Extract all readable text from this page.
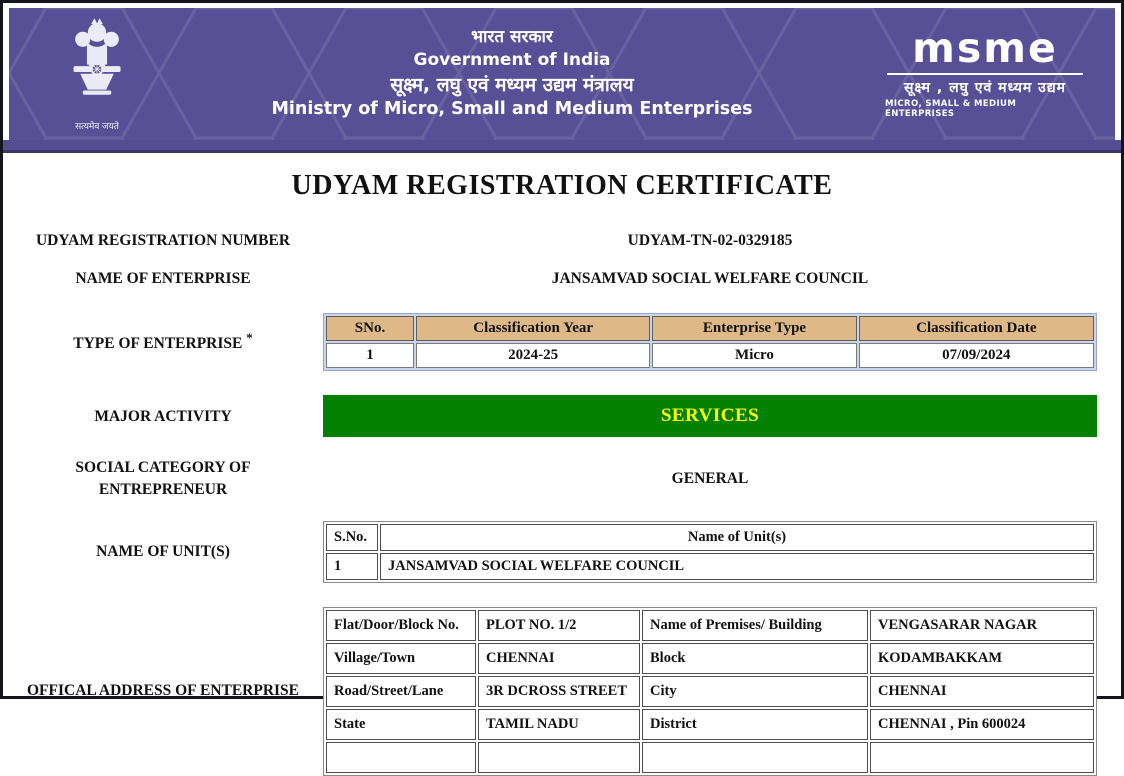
सत्यमेव जयते
भारत सरकार
Government of India
सूक्ष्म, लघु एवं मध्यम उद्यम मंत्रालय
Ministry of Micro, Small and Medium Enterprises
msme
सूक्ष्म , लघु एवं मध्यम उद्यम
MICRO, SMALL & MEDIUM ENTERPRISES
UDYAM REGISTRATION CERTIFICATE
UDYAM REGISTRATION NUMBER	UDYAM-TN-02-0329185
NAME OF ENTERPRISE	JANSAMVAD SOCIAL WELFARE COUNCIL
TYPE OF ENTERPRISE *
SNo.	Classification Year	Enterprise Type	Classification Date
1	2024-25	Micro	07/09/2024
MAJOR ACTIVITY	SERVICES
SOCIAL CATEGORY OF
ENTREPRENEUR
GENERAL
NAME OF UNIT(S)
S.No.	Name of Unit(s)
1	JANSAMVAD SOCIAL WELFARE COUNCIL
OFFICAL ADDRESS OF ENTERPRISE
Flat/Door/Block No.	PLOT NO. 1/2	Name of Premises/ Building	VENGASARAR NAGAR
Village/Town	CHENNAI	Block	KODAMBAKKAM
Road/Street/Lane	3R DCROSS STREET	City	CHENNAI
State	TAMIL NADU	District	CHENNAI , Pin 600024
